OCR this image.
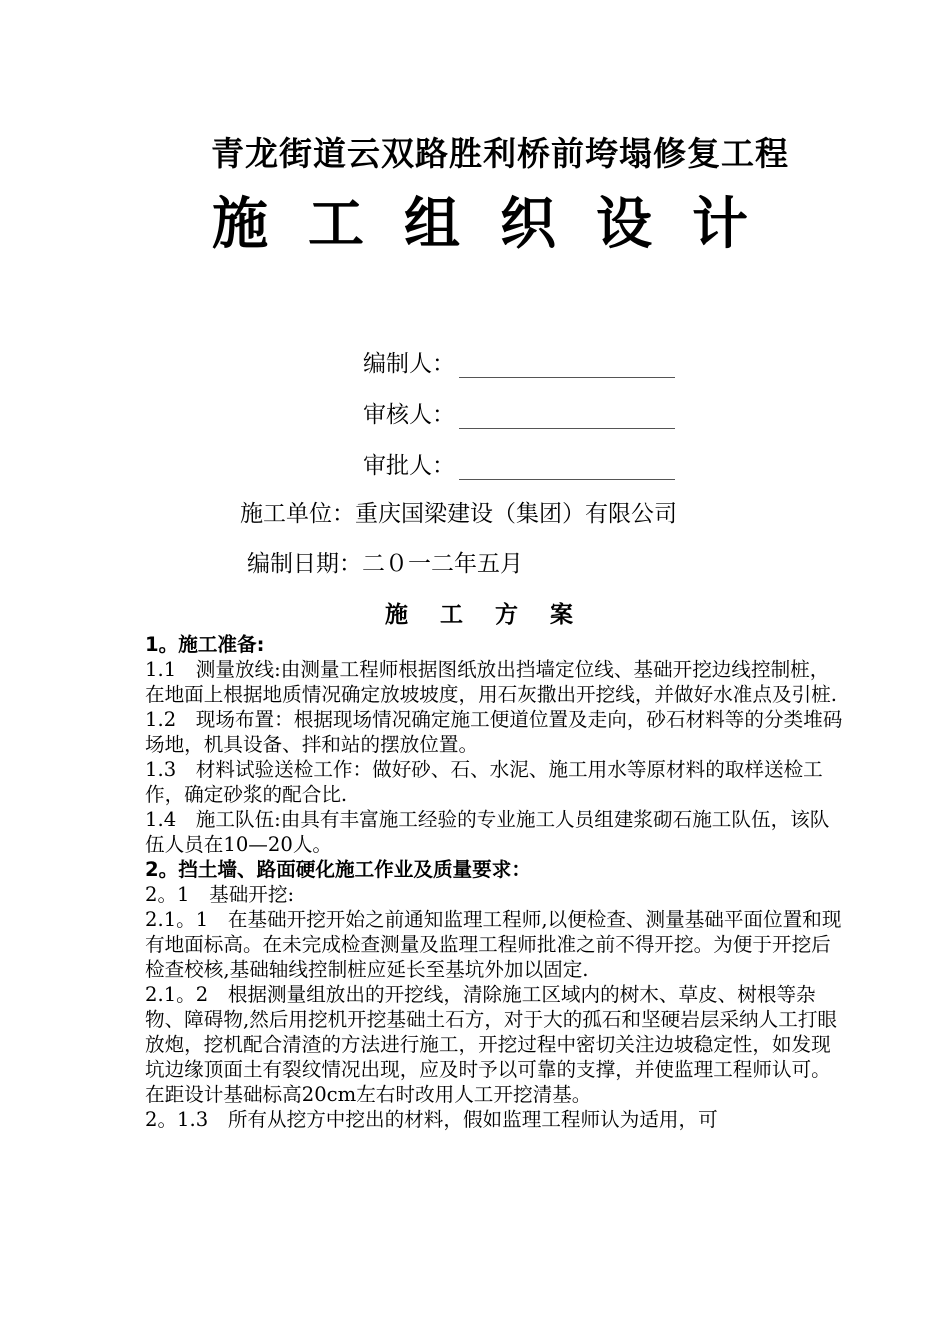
青龙街道云双路胜利桥前垮塌修复工程
施工组织设计
编制人：
审核人：
审批人：
施工单位：重庆国梁建设（集团）有限公司
编制日期：二０一二年五月
施工方案

1。施工准备:

1.1　测量放线:由测量工程师根据图纸放出挡墙定位线、基础开挖边线控制桩，在地面上根据地质情况确定放坡坡度，用石灰撒出开挖线，并做好水准点及引桩.

1.2　现场布置：根据现场情况确定施工便道位置及走向，砂石材料等的分类堆码场地，机具设备、拌和站的摆放位置。

1.3　材料试验送检工作：做好砂、石、水泥、施工用水等原材料的取样送检工作，确定砂浆的配合比.

1.4　施工队伍:由具有丰富施工经验的专业施工人员组建浆砌石施工队伍，该队伍人员在10—20人。

2。挡土墙、路面硬化施工作业及质量要求：

2。1　基础开挖:

2.1。1　在基础开挖开始之前通知监理工程师,以便检查、测量基础平面位置和现有地面标高。在未完成检查测量及监理工程师批准之前不得开挖。为便于开挖后检查校核,基础轴线控制桩应延长至基坑外加以固定.

2.1。2　根据测量组放出的开挖线，清除施工区域内的树木、草皮、树根等杂物、障碍物,然后用挖机开挖基础土石方，对于大的孤石和坚硬岩层采纳人工打眼放炮，挖机配合清渣的方法进行施工，开挖过程中密切关注边坡稳定性，如发现坑边缘顶面土有裂纹情况出现，应及时予以可靠的支撑，并使监理工程师认可。在距设计基础标高20cm左右时改用人工开挖清基。

2。1.3　所有从挖方中挖出的材料，假如监理工程师认为适用，可
